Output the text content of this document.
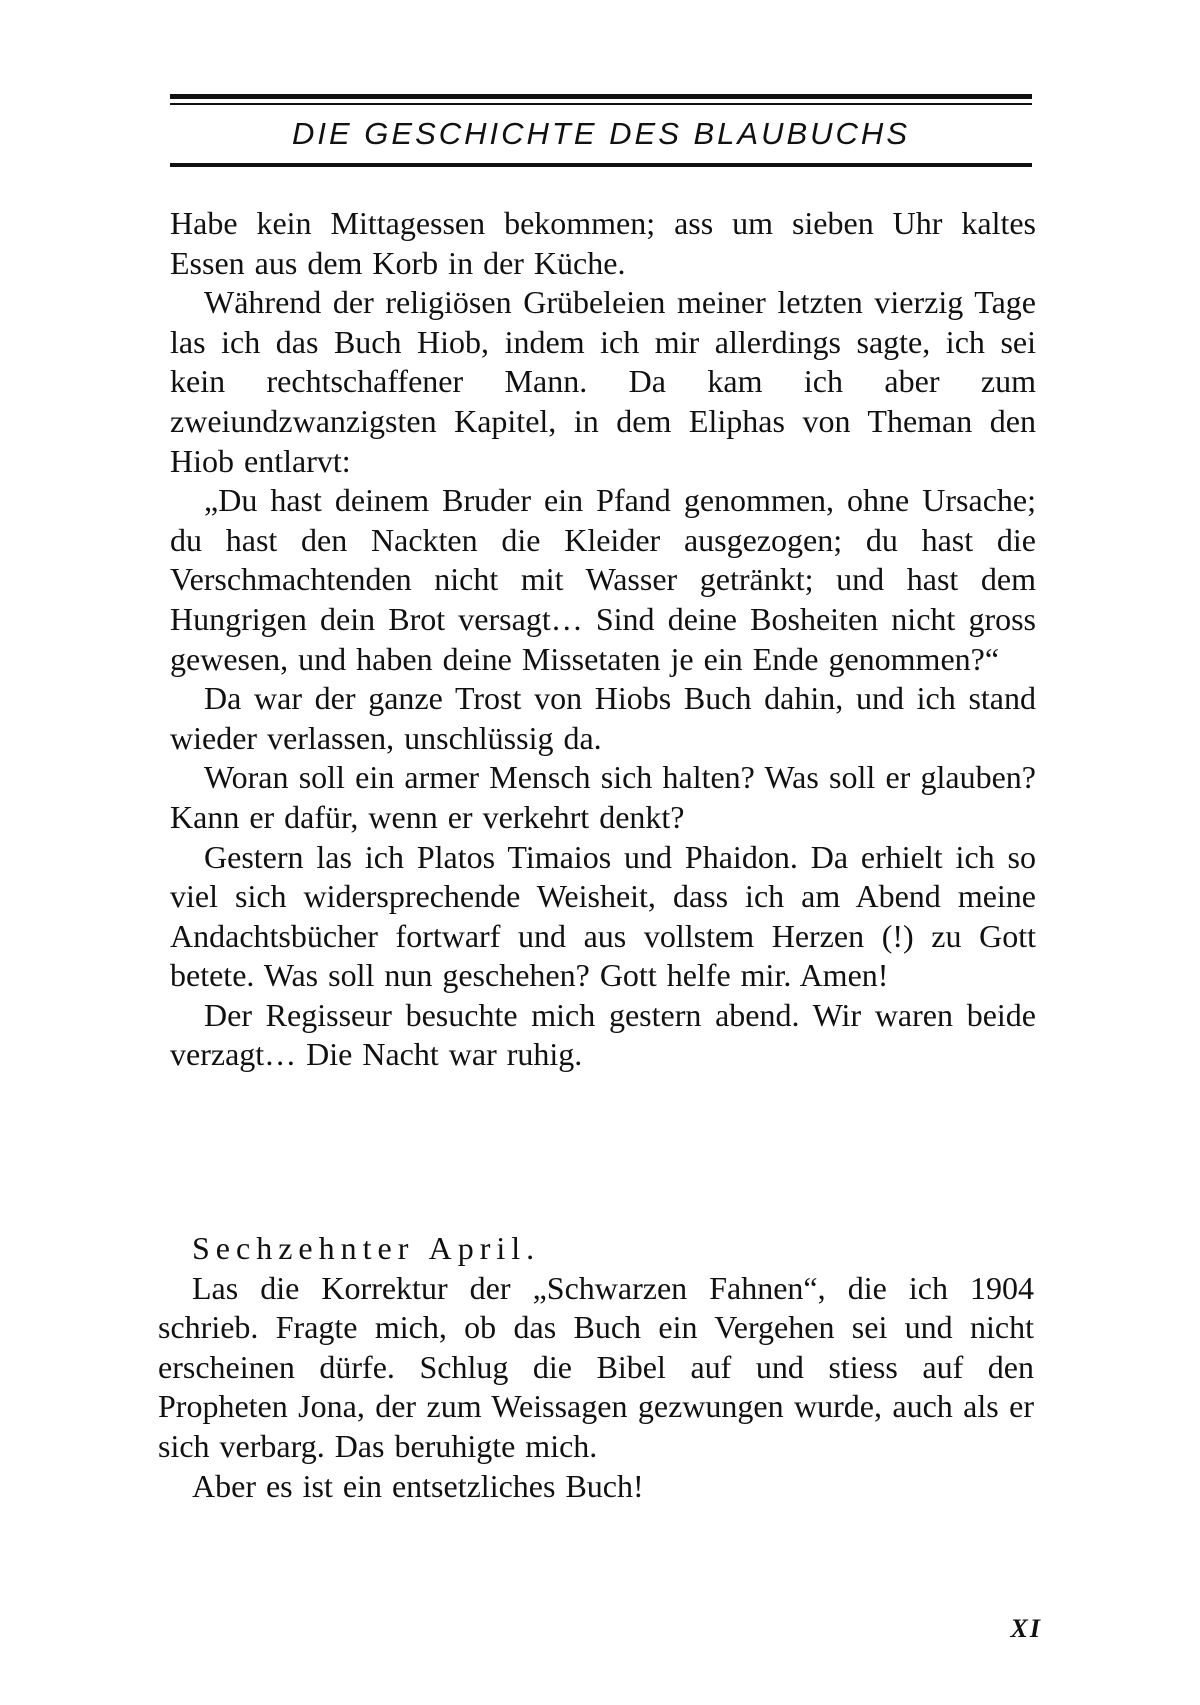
DIE GESCHICHTE DES BLAUBUCHS

Habe kein Mittagessen bekommen; ass um sieben Uhr kaltes Essen aus dem Korb in der Küche.

Während der religiösen Grübeleien meiner letzten vierzig Tage las ich das Buch Hiob, indem ich mir allerdings sagte, ich sei kein rechtschaffener Mann. Da kam ich aber zum zweiundzwanzigsten Kapitel, in dem Eliphas von Theman den Hiob entlarvt:

„Du hast deinem Bruder ein Pfand genommen, ohne Ursache; du hast den Nackten die Kleider ausgezogen; du hast die Verschmachtenden nicht mit Wasser getränkt; und hast dem Hungrigen dein Brot versagt… Sind deine Bosheiten nicht gross gewesen, und haben deine Missetaten je ein Ende genommen?“

Da war der ganze Trost von Hiobs Buch dahin, und ich stand wieder verlassen, unschlüssig da.

Woran soll ein armer Mensch sich halten? Was soll er glauben? Kann er dafür, wenn er verkehrt denkt?

Gestern las ich Platos Timaios und Phaidon. Da erhielt ich so viel sich widersprechende Weisheit, dass ich am Abend meine Andachtsbücher fortwarf und aus vollstem Herzen (!) zu Gott betete. Was soll nun geschehen? Gott helfe mir. Amen!

Der Regisseur besuchte mich gestern abend. Wir waren beide verzagt… Die Nacht war ruhig.

Sechzehnter April.

Las die Korrektur der „Schwarzen Fahnen“, die ich 1904 schrieb. Fragte mich, ob das Buch ein Vergehen sei und nicht erscheinen dürfe. Schlug die Bibel auf und stiess auf den Propheten Jona, der zum Weissagen gezwungen wurde, auch als er sich verbarg. Das beruhigte mich.

Aber es ist ein entsetzliches Buch!

XI
